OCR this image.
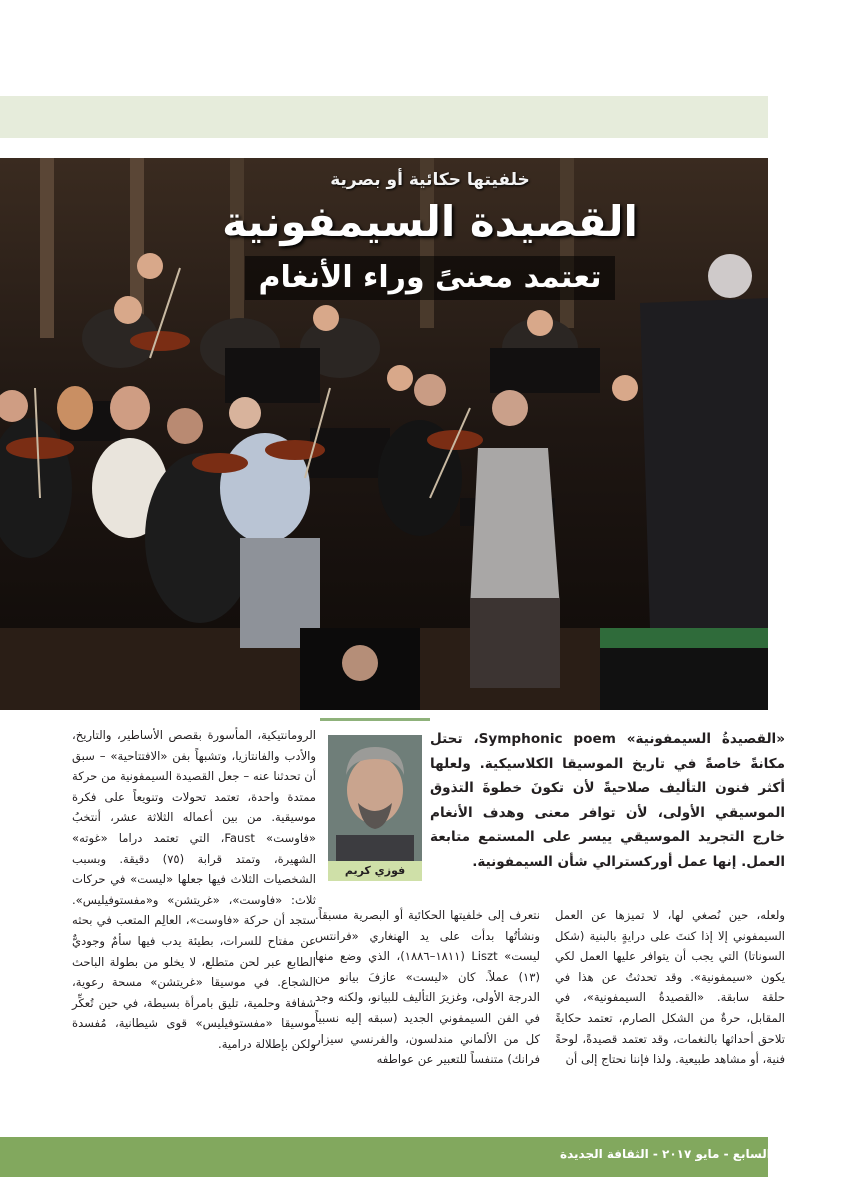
خلفيتها حكائية أو بصرية
القصيدة السيمفونية
تعتمد معنىً وراء الأنغام
«القصيدةُ السيمفونية» Symphonic poem، تحتل مكانةً خاصةً في تاريخ الموسيقا الكلاسيكية. ولعلها أكثر فنون التأليف صلاحيةً لأن تكونَ خطوةَ التذوق الموسيقي الأولى، لأن توافر معنى وهدف الأنغام خارج التجريد الموسيقي ييسر على المستمع متابعة العمل. إنها عمل أوركسترالي شأن السيمفونية.
فوزي كريم

الرومانتيكية، المأسورة بقصص الأساطير، والتاريخ، والأدب والفانتازيا، وتشبهاً بفن «الافتتاحية» – سبق أن تحدثنا عنه – جعل القصيدة السيمفونية من حركة ممتدة واحدة، تعتمد تحولات وتنويعاً على فكرة موسيقية. من بين أعماله الثلاثة عشر، أنتخبُ «فاوست» Faust، التي تعتمد دراما «غوته» الشهيرة، وتمتد قرابة (٧٥) دقيقة. وبسبب الشخصيات الثلاث فيها جعلها «ليست» في حركات ثلاث: «فاوست»، «غريتشن» و«مفستوفيليس». ستجد أن حركة «فاوست»، العالِم المتعب في بحثه عن مفتاح للسرات، بطيئة يدب فيها سأمٌ وجوديٌّ الطابع عبر لحن متطلع، لا يخلو من بطولة الباحث الشجاع. في موسيقا «غريتشن» مسحة رعوية، شفافة وحلمية، تليق بامرأة بسيطة، في حين تُعكِّر موسيقا «مفستوفيليس» قوى شيطانية، مُفسدة ولكن بإطلالة درامية.

نتعرف إلى خلفيتها الحكائية أو البصرية مسبقاً. ونشأتُها بدأت على يد الهنغاري «فرانتس ليست» Liszt (١٨١١–١٨٨٦)، الذي وضع منها (١٣) عملاً. كان «ليست» عازفَ بيانو من الدرجة الأولى، وغزيرَ التأليف للبيانو، ولكنه وجد في الفن السيمفوني الجديد (سبقه إليه نسبياً كل من الألماني مندلسون، والفرنسي سيزار فرانك) متنفساً للتعبير عن عواطفه

ولعله، حين نُصغي لها، لا تميزها عن العمل السيمفوني إلا إذا كنتَ على درايةٍ بالبنية (شكل السوناتا) التي يجب أن يتوافر عليها العمل لكي يكون «سيمفونية». وقد تحدثتُ عن هذا في حلقة سابقة. «القصيدةُ السيمفونية»، في المقابل، حرةٌ من الشكل الصارم، تعتمد حكايةً تلاحق أحداثها بالنغمات، وقد تعتمد قصيدةً، لوحةً فنية، أو مشاهد طبيعية. ولذا فإننا نحتاج إلى أن

١٣٤ العدد السابع - مايو ٢٠١٧ - الثقافة الجديدة
